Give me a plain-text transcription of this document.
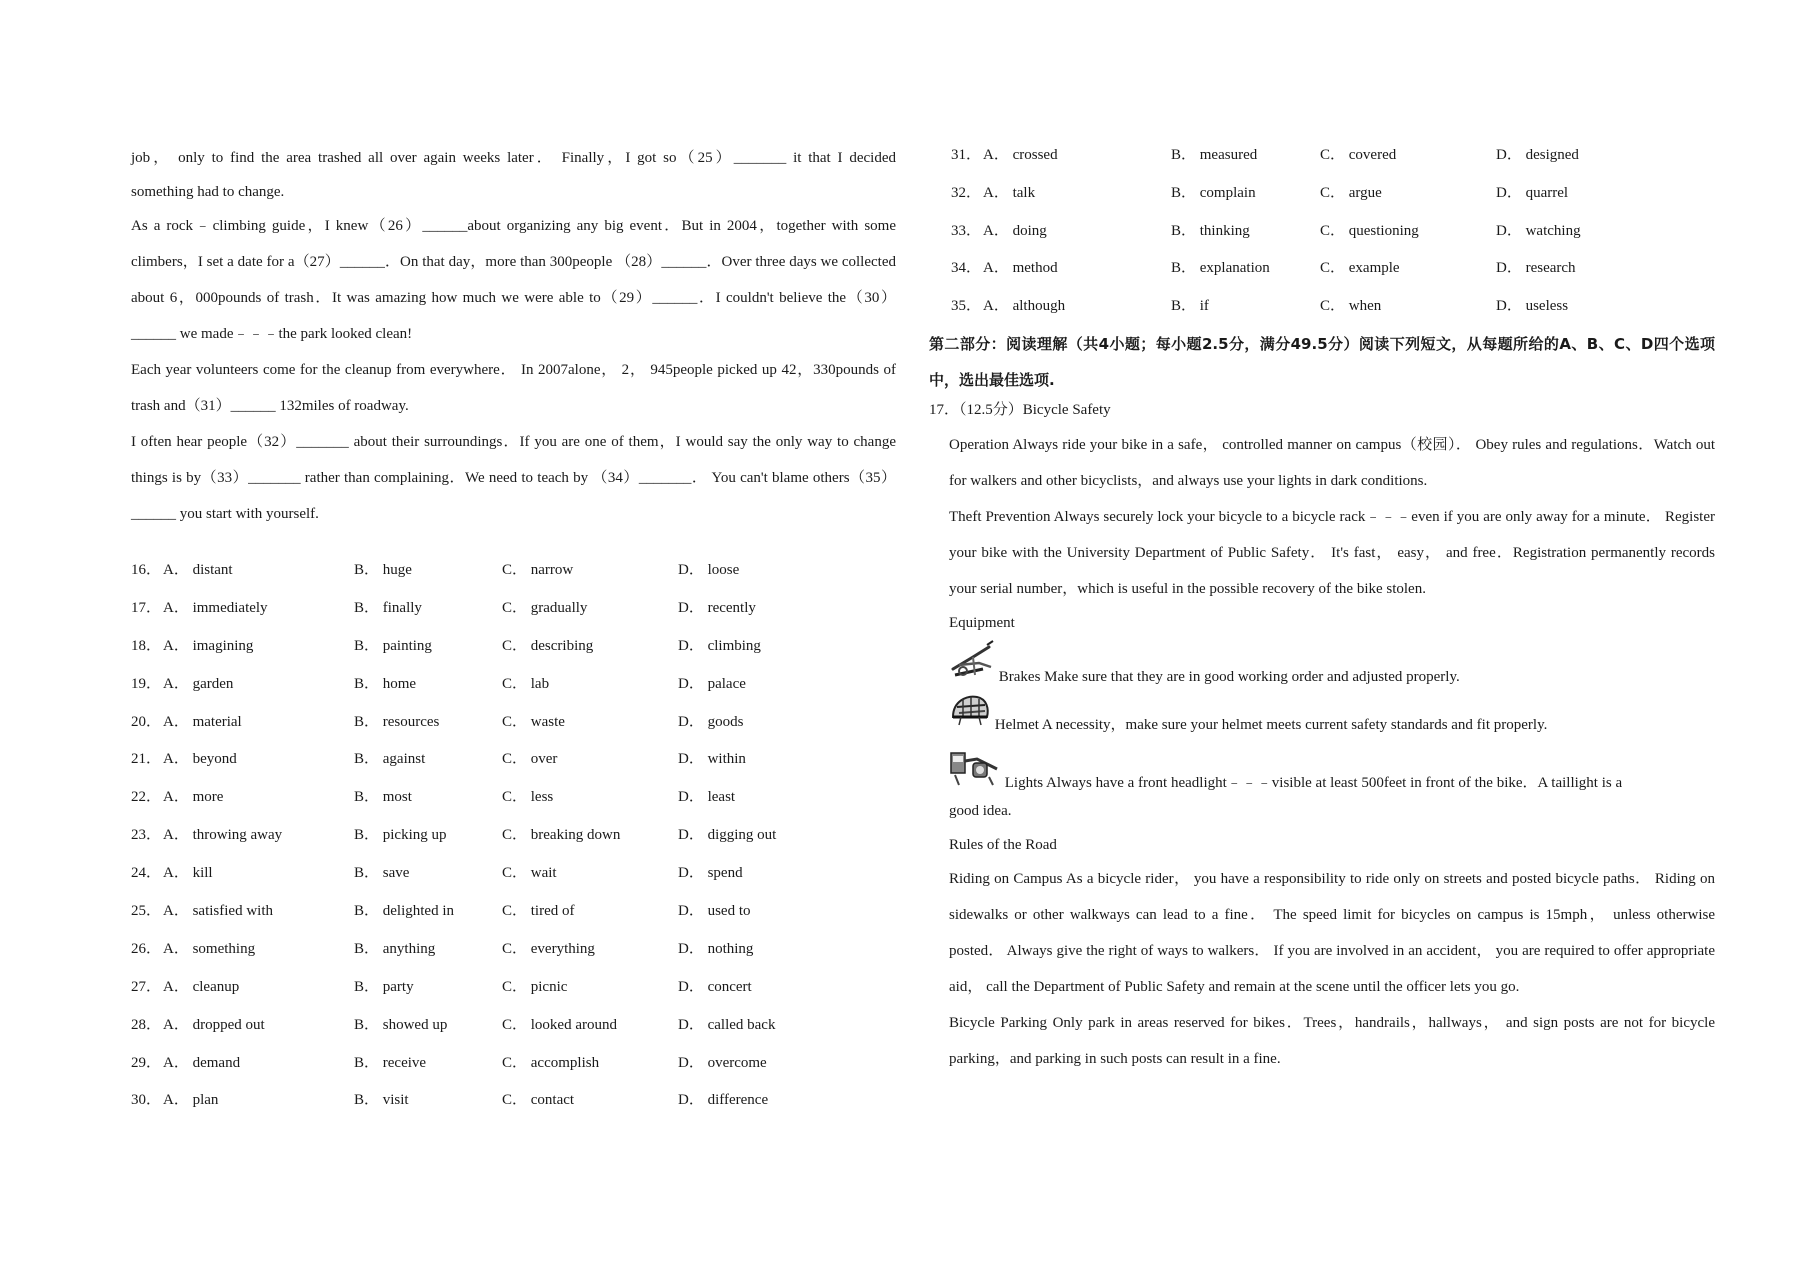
job， only to find the area trashed all over again weeks later． Finally，I got so（25）_______ it that I decided

something had to change.

As a rock﹣climbing guide，I knew（26）______about organizing any big event．But in 2004，together with some climbers，I set a date for a（27）______．On that day，more than 300people （28）______．Over three days we collected about 6，000pounds of trash．It was amazing how much we were able to（29）______．I couldn't believe the（30）______ we made﹣﹣﹣the park looked clean!

Each year volunteers come for the cleanup from everywhere． In 2007alone， 2， 945people picked up 42，330pounds of trash and（31）______ 132miles of roadway.

I often hear people（32）_______ about their surroundings．If you are one of them，I would say the only way to change things is by（33）_______ rather than complaining．We need to teach by （34）_______． You can't blame others（35）______ you start with yourself.

16． A． distant	B． huge	C． narrow	D． loose
17． A． immediately	B． finally	C． gradually	D． recently
18． A． imagining	B． painting	C． describing	D． climbing
19． A． garden	B． home	C． lab	D． palace
20． A． material	B． resources	C． waste	D． goods
21． A． beyond	B． against	C． over	D． within
22． A． more	B． most	C． less	D． least
23． A． throwing away	B． picking up	C． breaking down	D． digging out
24． A． kill	B． save	C． wait	D． spend
25． A． satisfied with	B． delighted in	C． tired of	D． used to
26． A． something	B． anything	C． everything	D． nothing
27． A． cleanup	B． party	C． picnic	D． concert
28． A． dropped out	B． showed up	C． looked around	D． called back
29． A． demand	B． receive	C． accomplish	D． overcome
30． A． plan	B． visit	C． contact	D． difference
31． A． crossed	B． measured	C． covered	D． designed
32． A． talk	B． complain	C． argue	D． quarrel
33． A． doing	B． thinking	C． questioning	D． watching
34． A． method	B． explanation	C． example	D． research
35． A． although	B． if	C． when	D． useless
第二部分：阅读理解（共4小题；每小题2.5分，满分49.5分）阅读下列短文，从每题所给的A、B、C、D四个选项中，选出最佳选项.
17．（12.5分）Bicycle Safety

Operation Always ride your bike in a safe， controlled manner on campus（校园）． Obey rules and regulations．Watch out for walkers and other bicyclists，and always use your lights in dark conditions.

Theft Prevention Always securely lock your bicycle to a bicycle rack﹣﹣﹣even if you are only away for a minute． Register your bike with the University Department of Public Safety． It's fast， easy， and free．Registration permanently records your serial number，which is useful in the possible recovery of the bike stolen.

Equipment

Brakes Make sure that they are in good working order and adjusted properly.
Helmet A necessity，make sure your helmet meets current safety standards and fit properly.
Lights Always have a front headlight﹣﹣﹣visible at least 500feet in front of the bike．A taillight is a

good idea.

Rules of the Road

Riding on Campus As a bicycle rider， you have a responsibility to ride only on streets and posted bicycle paths． Riding on sidewalks or other walkways can lead to a fine． The speed limit for bicycles on campus is 15mph， unless otherwise posted． Always give the right of ways to walkers． If you are involved in an accident， you are required to offer appropriate aid， call the Department of Public Safety and remain at the scene until the officer lets you go.

Bicycle Parking Only park in areas reserved for bikes．Trees，handrails，hallways， and sign posts are not for bicycle parking，and parking in such posts can result in a fine.
